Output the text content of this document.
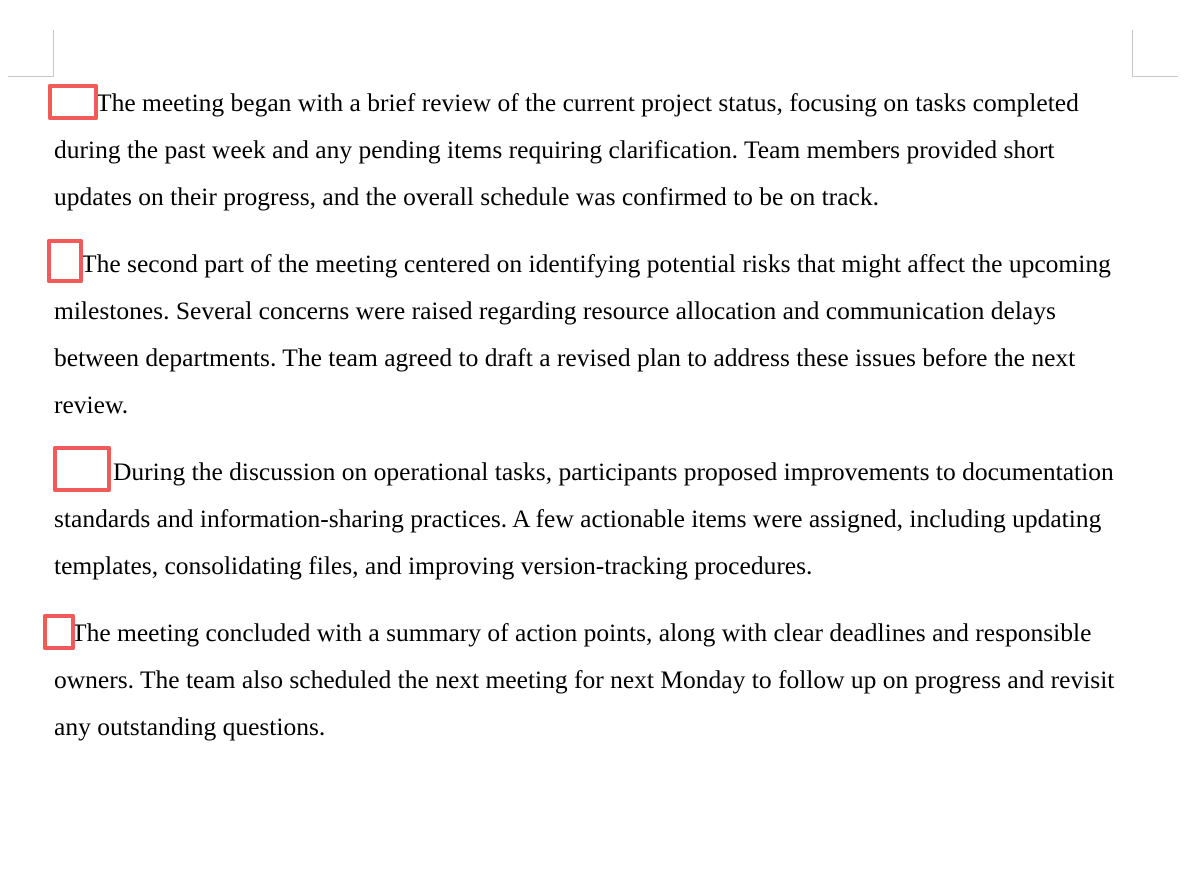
The meeting began with a brief review of the current project status, focusing on tasks completed during the past week and any pending items requiring clarification. Team members provided short updates on their progress, and the overall schedule was confirmed to be on track.

The second part of the meeting centered on identifying potential risks that might affect the upcoming milestones. Several concerns were raised regarding resource allocation and communication delays between departments. The team agreed to draft a revised plan to address these issues before the next review.

During the discussion on operational tasks, participants proposed improvements to documentation standards and information-sharing practices. A few actionable items were assigned, including updating templates, consolidating files, and improving version-tracking procedures.

The meeting concluded with a summary of action points, along with clear deadlines and responsible owners. The team also scheduled the next meeting for next Monday to follow up on progress and revisit any outstanding questions.
